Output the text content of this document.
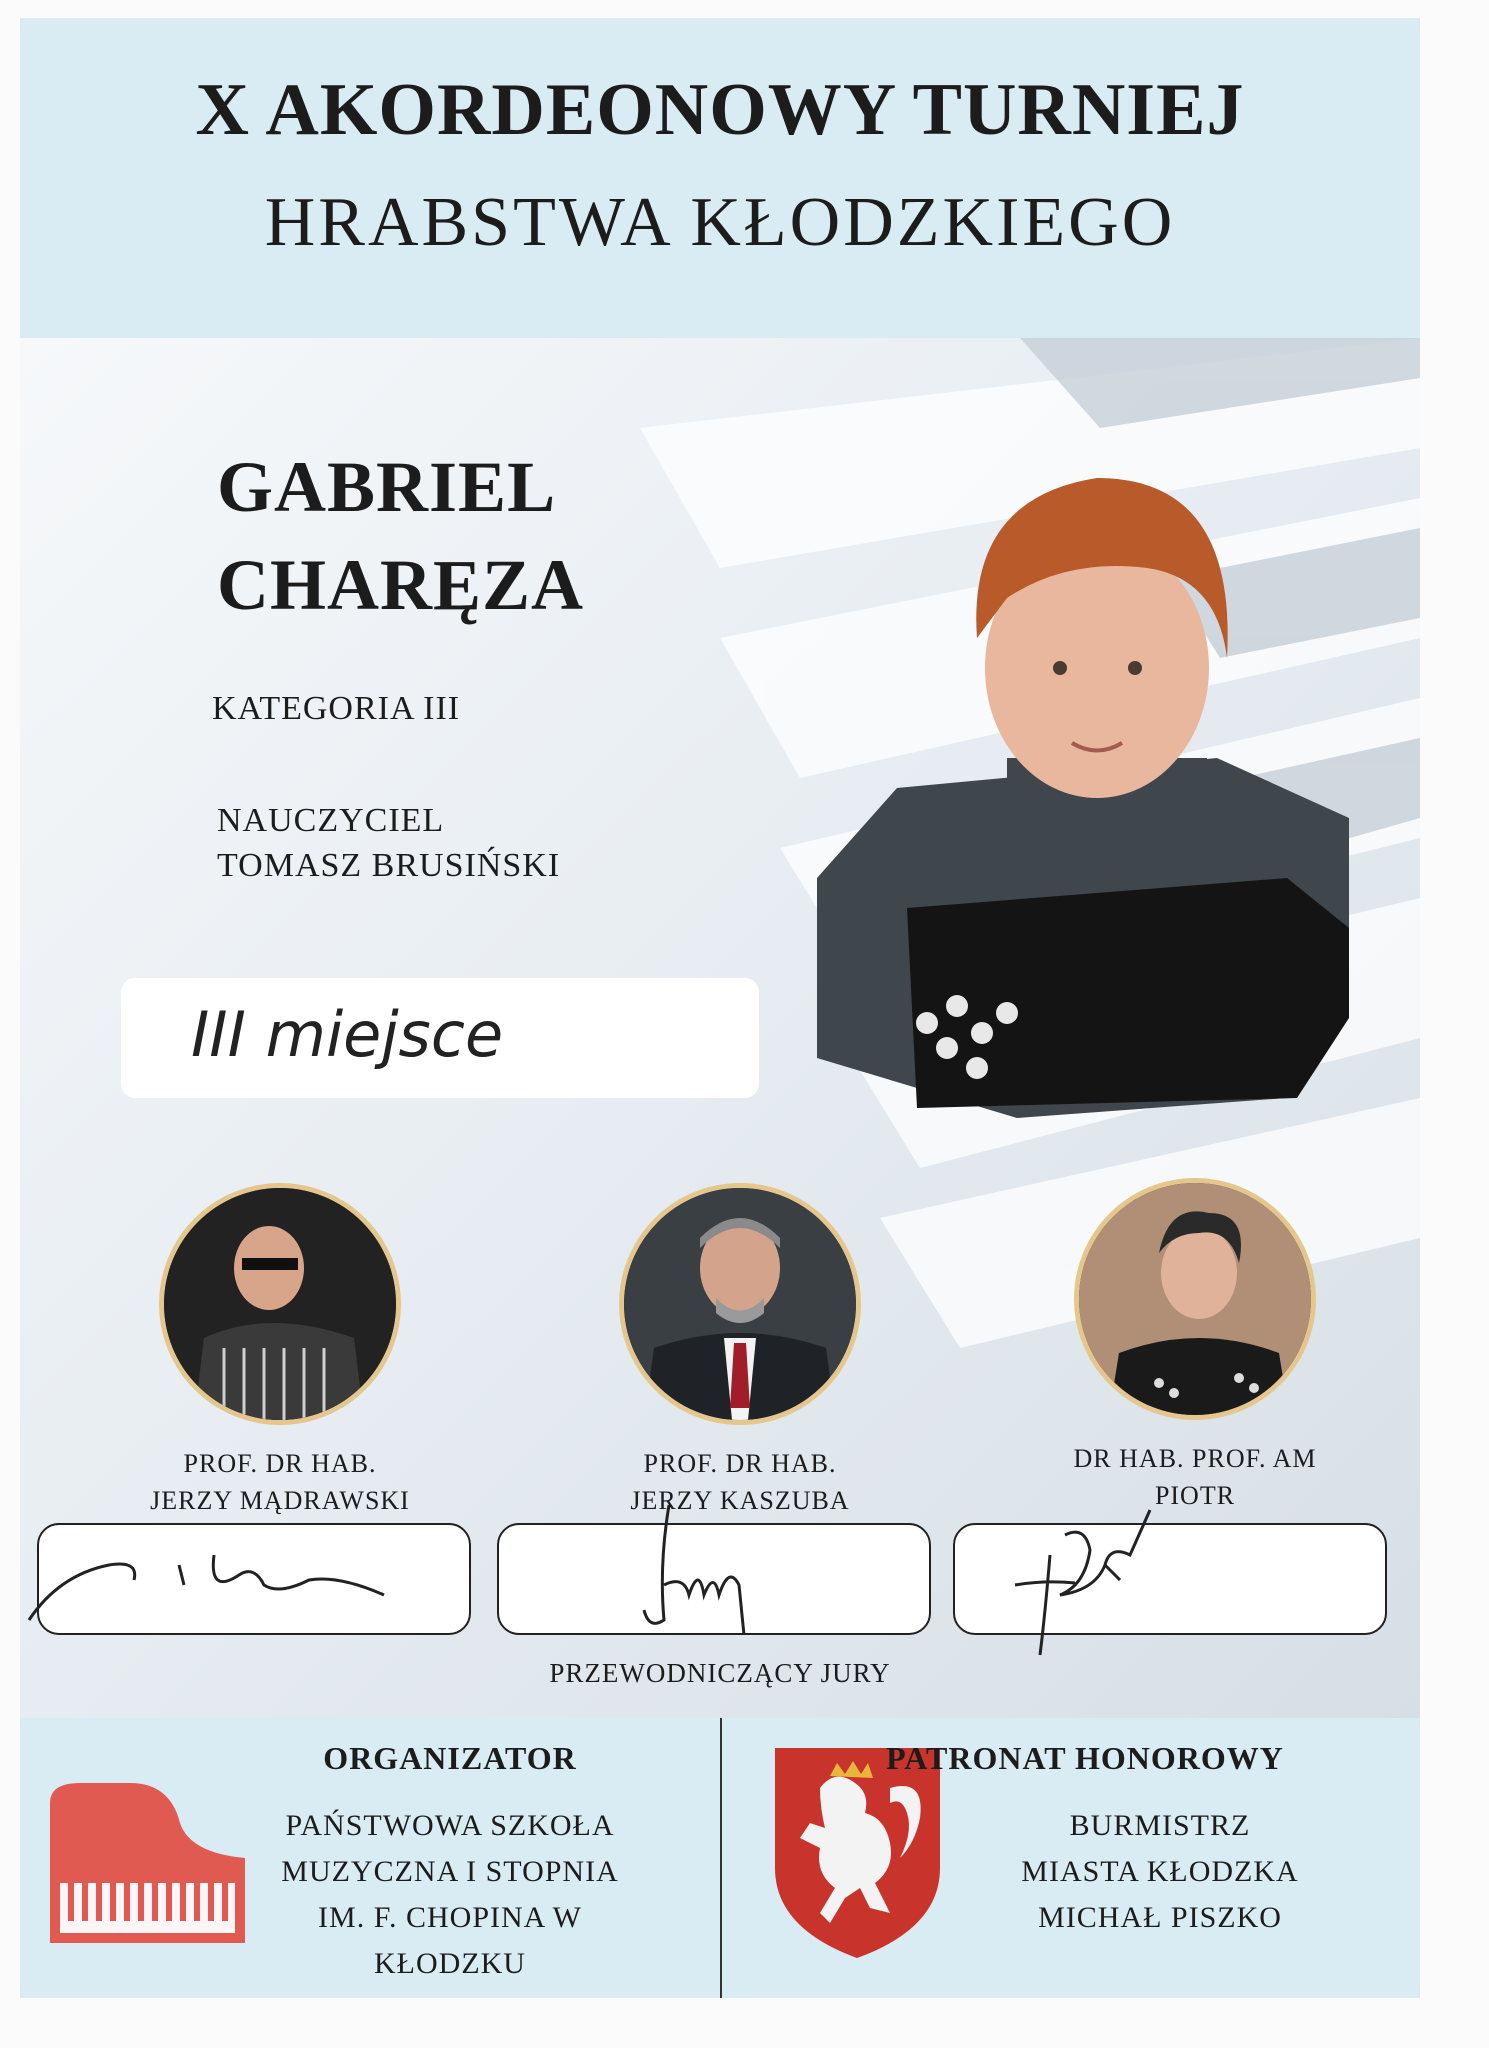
X AKORDEONOWY TURNIEJ
HRABSTWA KŁODZKIEGO
GABRIEL
CHARĘZA
KATEGORIA III
NAUCZYCIEL
TOMASZ BRUSIŃSKI
III miejsce
PROF. DR HAB.
JERZY MĄDRAWSKI
PROF. DR HAB.
JERZY KASZUBA
DR HAB. PROF. AM
PIOTR
PRZEWODNICZĄCY JURY
ORGANIZATOR
PAŃSTWOWA SZKOŁA
MUZYCZNA I STOPNIA
IM. F. CHOPINA W KŁODZKU
PATRONAT HONOROWY
BURMISTRZ
MIASTA KŁODZKA
MICHAŁ PISZKO
